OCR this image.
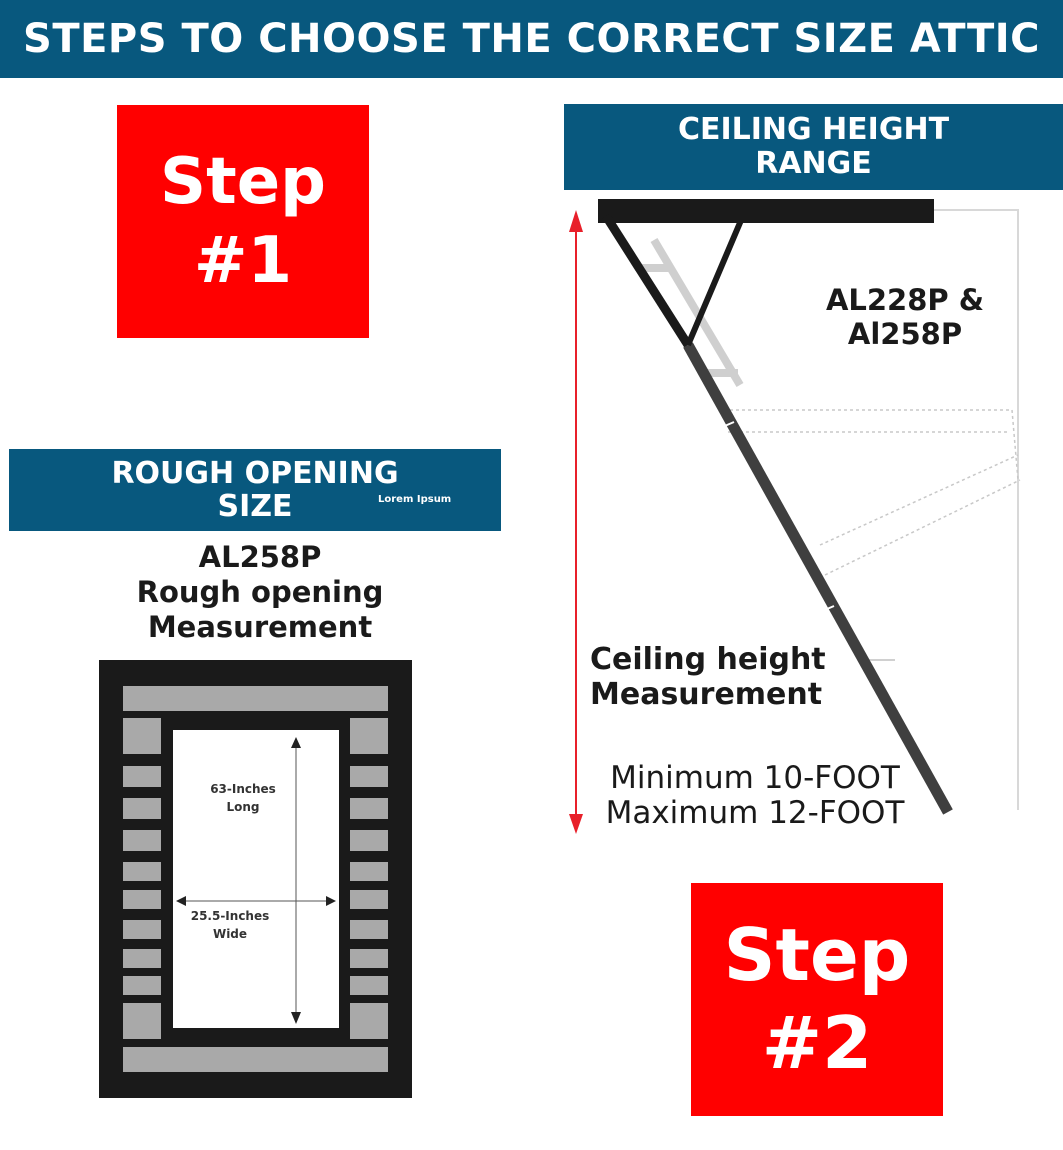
STEPS TO CHOOSE THE CORRECT SIZE ATTIC
Step
#1
CEILING HEIGHT
RANGE
ROUGH OPENING
SIZE	Lorem Ipsum
AL258P
Rough opening
Measurement
63-Inches
Long
25.5-Inches
Wide
AL228P &
Al258P
Ceiling height
Measurement
Minimum 10-FOOT
Maximum 12-FOOT
Step
#2
